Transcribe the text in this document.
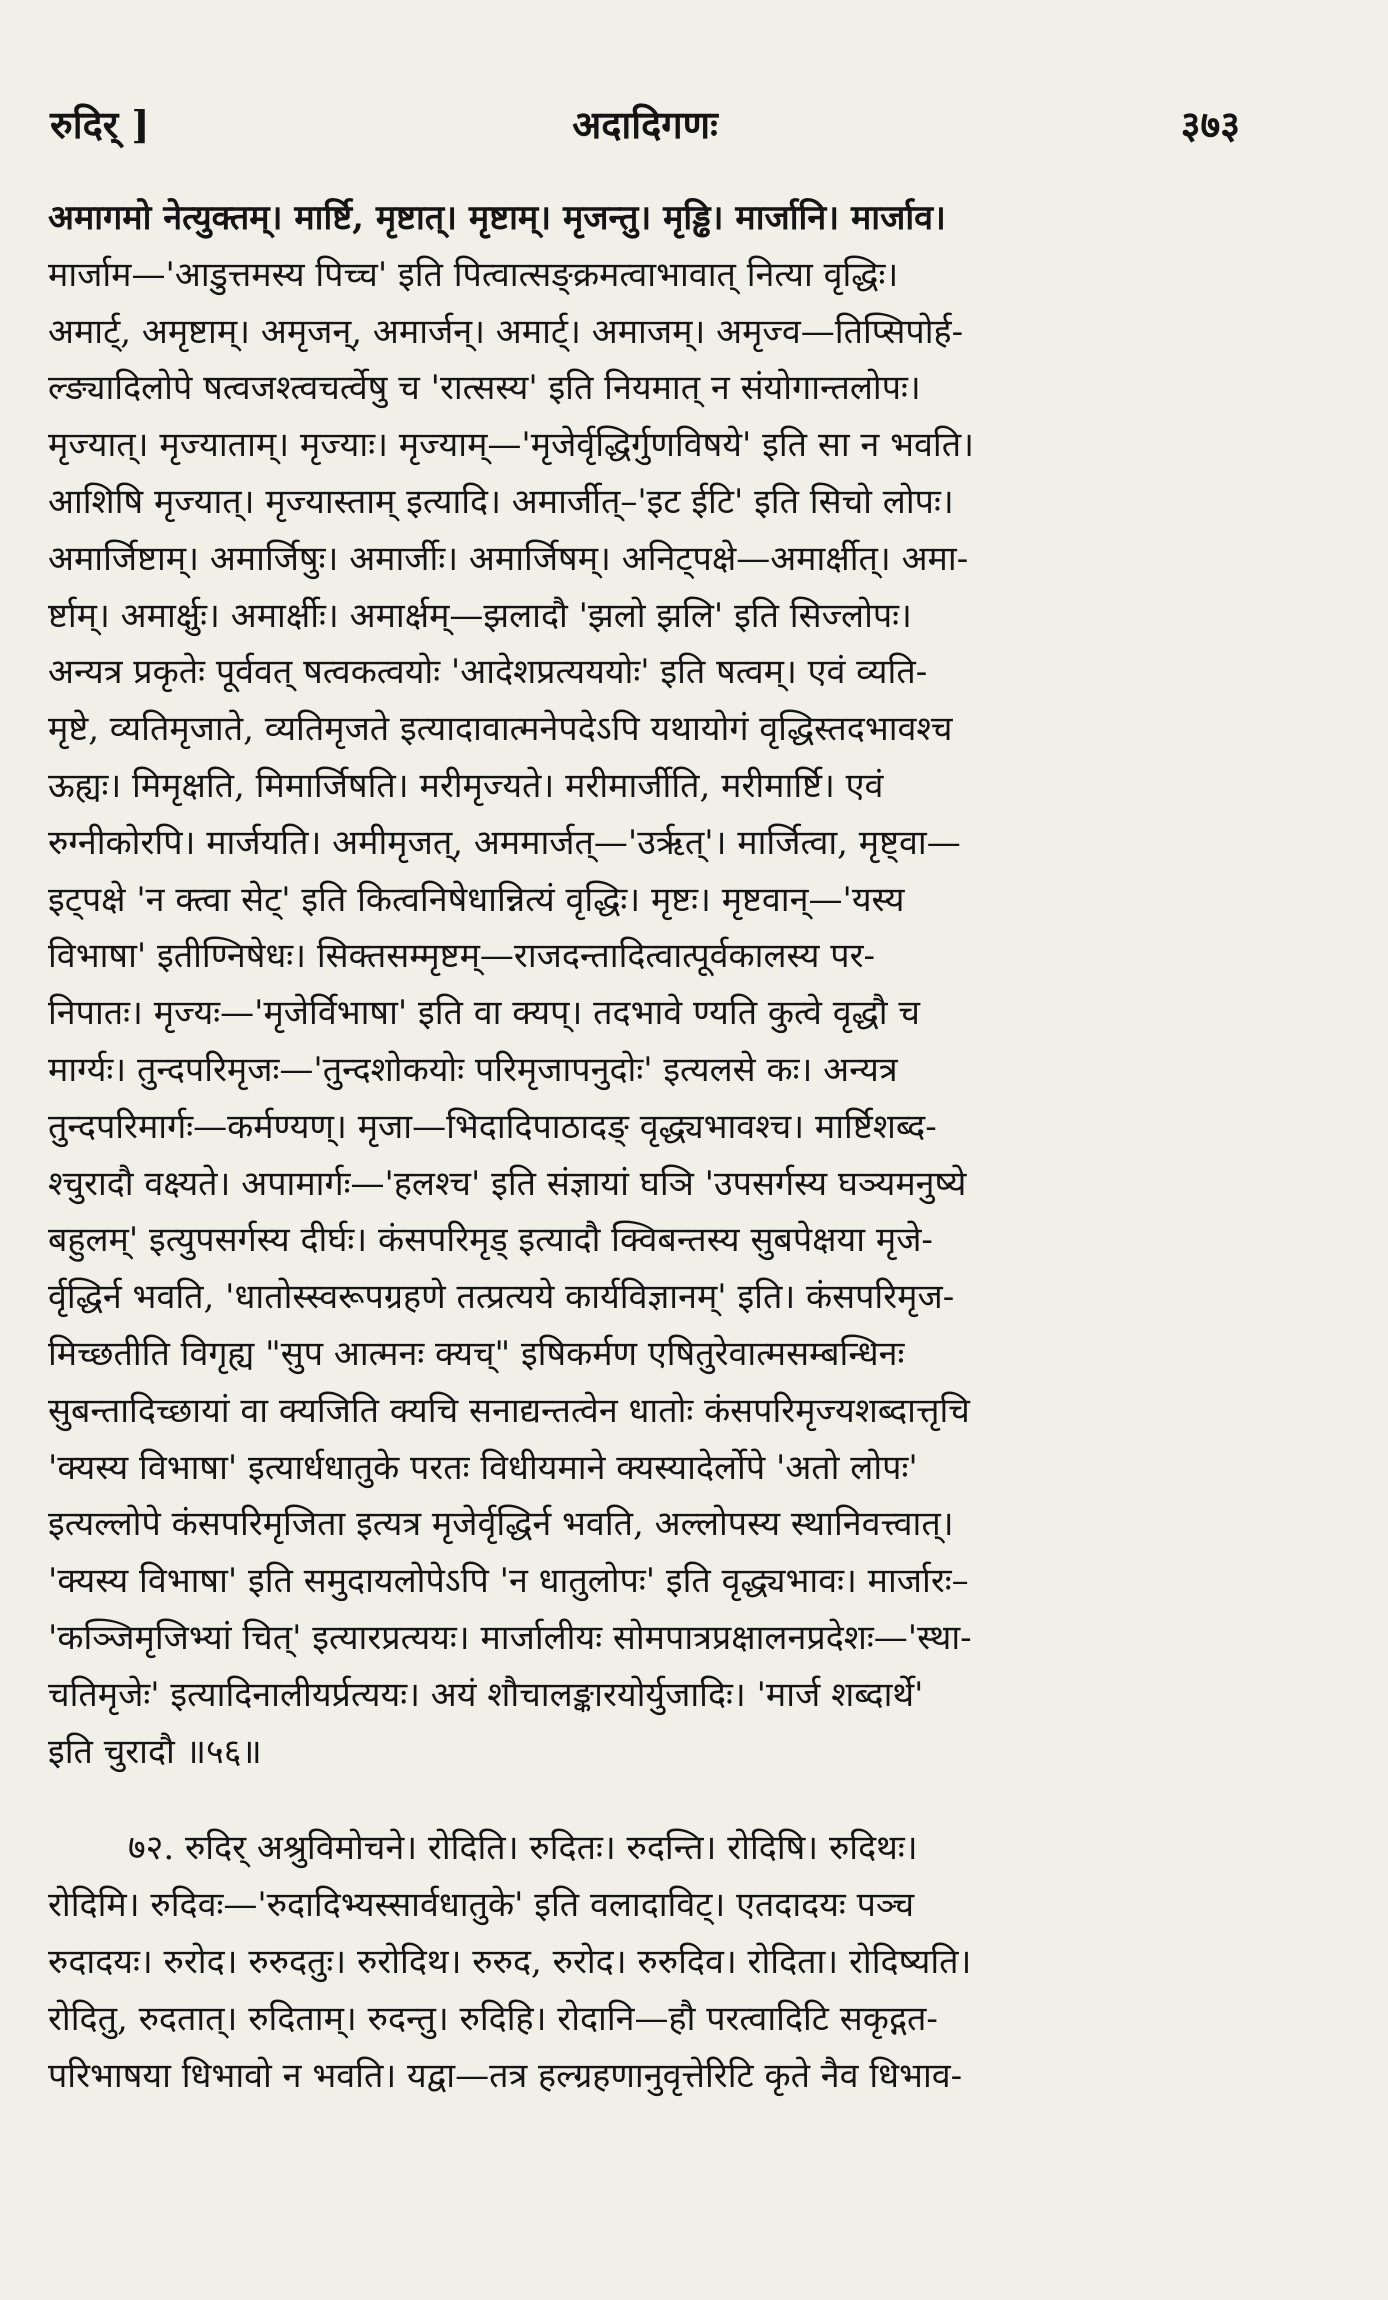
रुदिर् ]	अदादिगणः	३७३
अमागमो नेत्युक्तम्। मार्ष्टि, मृष्टात्। मृष्टाम्। मृजन्तु। मृड्ढि। मार्जानि। मार्जाव।
मार्जाम—'आडुत्तमस्य पिच्च' इति पित्वात्सङ्क्रमत्वाभावात् नित्या वृद्धिः।
अमार्ट्, अमृष्टाम्। अमृजन्, अमार्जन्। अमार्ट्। अमाजम्। अमृज्व—तिप्सिपोर्ह-
ल्ङ्यादिलोपे षत्वजश्त्वचर्त्वेषु च 'रात्सस्य' इति नियमात् न संयोगान्तलोपः।
मृज्यात्। मृज्याताम्। मृज्याः। मृज्याम्—'मृजेर्वृद्धिर्गुणविषये' इति सा न भवति।
आशिषि मृज्यात्। मृज्यास्ताम् इत्यादि। अमार्जीत्–'इट ईटि' इति सिचो लोपः।
अमार्जिष्टाम्। अमार्जिषुः। अमार्जीः। अमार्जिषम्। अनिट्पक्षे—अमार्क्षीत्। अमा-
र्ष्टाम्। अमार्क्षुः। अमार्क्षीः। अमार्क्षम्—झलादौ 'झलो झलि' इति सिज्लोपः।
अन्यत्र प्रकृतेः पूर्ववत् षत्वकत्वयोः 'आदेशप्रत्यययोः' इति षत्वम्। एवं व्यति-
मृष्टे, व्यतिमृजाते, व्यतिमृजते इत्यादावात्मनेपदेऽपि यथायोगं वृद्धिस्तदभावश्च
ऊह्यः। मिमृक्षति, मिमार्जिषति। मरीमृज्यते। मरीमार्जीति, मरीमार्ष्टि। एवं
रुग्नीकोरपि। मार्जयति। अमीमृजत्, अममार्जत्—'उर्ऋत्'। मार्जित्वा, मृष्ट्वा—
इट्पक्षे 'न क्त्वा सेट्' इति कित्वनिषेधान्नित्यं वृद्धिः। मृष्टः। मृष्टवान्—'यस्य
विभाषा' इतीण्निषेधः। सिक्तसम्मृष्टम्—राजदन्तादित्वात्पूर्वकालस्य पर-
निपातः। मृज्यः—'मृजेर्विभाषा' इति वा क्यप्। तदभावे ण्यति कुत्वे वृद्धौ च
मार्ग्यः। तुन्दपरिमृजः—'तुन्दशोकयोः परिमृजापनुदोः' इत्यलसे कः। अन्यत्र
तुन्दपरिमार्गः—कर्मण्यण्। मृजा—भिदादिपाठादङ् वृद्ध्यभावश्च। मार्ष्टिशब्द-
श्चुरादौ वक्ष्यते। अपामार्गः—'हलश्च' इति संज्ञायां घञि 'उपसर्गस्य घञ्यमनुष्ये
बहुलम्' इत्युपसर्गस्य दीर्घः। कंसपरिमृड् इत्यादौ क्विबन्तस्य सुबपेक्षया मृजे-
र्वृद्धिर्न भवति, 'धातोस्स्वरूपग्रहणे तत्प्रत्यये कार्यविज्ञानम्' इति। कंसपरिमृज-
मिच्छतीति विगृह्य "सुप आत्मनः क्यच्" इषिकर्मण एषितुरेवात्मसम्बन्धिनः
सुबन्तादिच्छायां वा क्यजिति क्यचि सनाद्यन्तत्वेन धातोः कंसपरिमृज्यशब्दात्तृचि
'क्यस्य विभाषा' इत्यार्धधातुके परतः विधीयमाने क्यस्यादेर्लोपे 'अतो लोपः'
इत्यल्लोपे कंसपरिमृजिता इत्यत्र मृजेर्वृद्धिर्न भवति, अल्लोपस्य स्थानिवत्त्वात्।
'क्यस्य विभाषा' इति समुदायलोपेऽपि 'न धातुलोपः' इति वृद्ध्यभावः। मार्जारः–
'कञ्जिमृजिभ्यां चित्' इत्यारप्रत्ययः। मार्जालीयः सोमपात्रप्रक्षालनप्रदेशः—'स्था-
चतिमृजेः' इत्यादिनालीयर्प्रत्ययः। अयं शौचालङ्कारयोर्युजादिः। 'मार्ज शब्दार्थे'
इति चुरादौ ॥५६॥
७२. रुदिर् अश्रुविमोचने। रोदिति। रुदितः। रुदन्ति। रोदिषि। रुदिथः।
रोदिमि। रुदिवः—'रुदादिभ्यस्सार्वधातुके' इति वलादाविट्। एतदादयः पञ्च
रुदादयः। रुरोद। रुरुदतुः। रुरोदिथ। रुरुद, रुरोद। रुरुदिव। रोदिता। रोदिष्यति।
रोदितु, रुदतात्। रुदिताम्। रुदन्तु। रुदिहि। रोदानि—हौ परत्वादिटि सकृद्गत-
परिभाषया धिभावो न भवति। यद्वा—तत्र हल्ग्रहणानुवृत्तेरिटि कृते नैव धिभाव-
